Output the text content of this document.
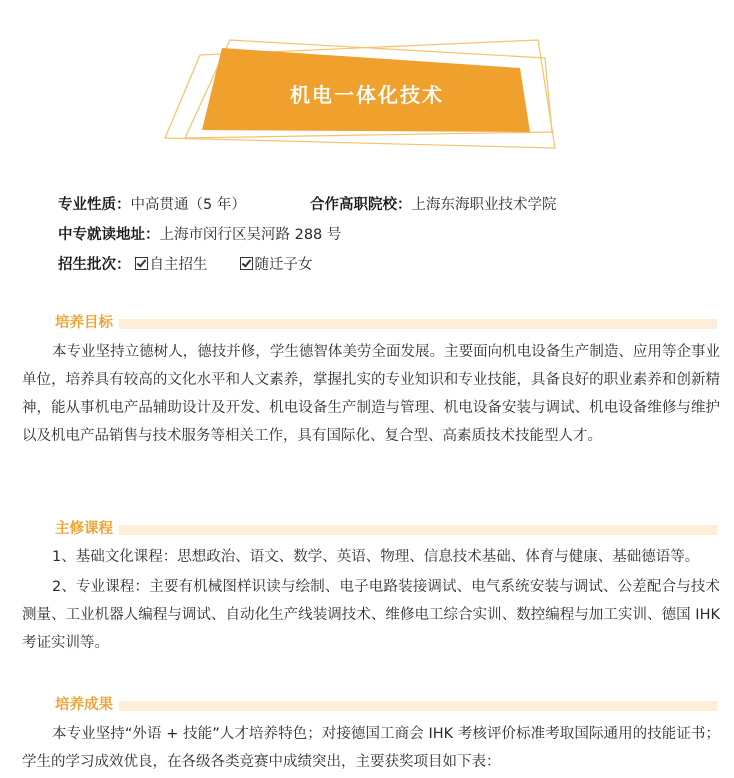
机电一体化技术
专业性质：中高贯通（5 年）	合作高职院校：上海东海职业技术学院
中专就读地址：上海市闵行区吴河路 288 号
招生批次： 自主招生	随迁子女
培养目标
本专业坚持立德树人，德技并修，学生德智体美劳全面发展。主要面向机电设备生产制造、应用等企事业单位，培养具有较高的文化水平和人文素养，掌握扎实的专业知识和专业技能，具备良好的职业素养和创新精神，能从事机电产品辅助设计及开发、机电设备生产制造与管理、机电设备安装与调试、机电设备维修与维护以及机电产品销售与技术服务等相关工作，具有国际化、复合型、高素质技术技能型人才。
主修课程
1、基础文化课程：思想政治、语文、数学、英语、物理、信息技术基础、体育与健康、基础德语等。
2、专业课程：主要有机械图样识读与绘制、电子电路装接调试、电气系统安装与调试、公差配合与技术测量、工业机器人编程与调试、自动化生产线装调技术、维修电工综合实训、数控编程与加工实训、德国 IHK 考证实训等。
培养成果
本专业坚持“外语 + 技能”人才培养特色；对接德国工商会 IHK 考核评价标准考取国际通用的技能证书；学生的学习成效优良，在各级各类竞赛中成绩突出，主要获奖项目如下表：
